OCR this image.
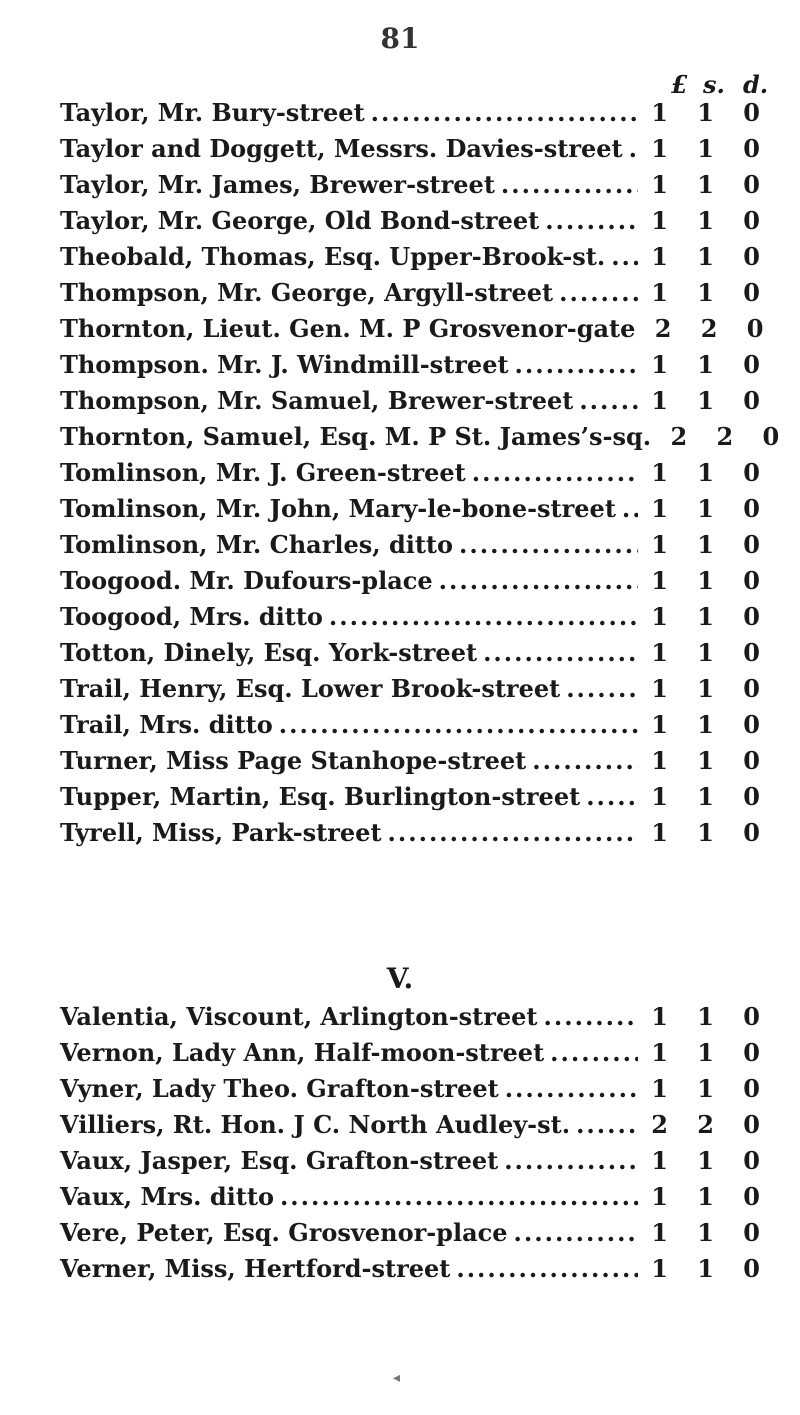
81
£ s. d.
Taylor, Mr. Bury-street .....	1	1	0
Taylor and Doggett, Messrs. Davies-street .....	1	1	0
Taylor, Mr. James, Brewer-street .....	1	1	0
Taylor, Mr. George, Old Bond-street .....	1	1	0
Theobald, Thomas, Esq. Upper-Brook-st. .....	1	1	0
Thompson, Mr. George, Argyll-street .....	1	1	0
Thornton, Lieut. Gen. M. P Grosvenor-gate ..... 2	2	0
Thompson. Mr. J. Windmill-street .....	1	1	0
Thompson, Mr. Samuel, Brewer-street .....	1	1	0
Thornton, Samuel, Esq. M. P St. James’s-sq. ..... 2	2	0
Tomlinson, Mr. J. Green-street .....	1	1	0
Tomlinson, Mr. John, Mary-le-bone-street .....	1	1	0
Tomlinson, Mr. Charles, ditto .....	1	1	0
Toogood. Mr. Dufours-place .....	1	1	0
Toogood, Mrs. ditto .....	1	1	0
Totton, Dinely, Esq. York-street .....	1	1	0
Trail, Henry, Esq. Lower Brook-street .....	1	1	0
Trail, Mrs. ditto .....	1	1	0
Turner, Miss Page Stanhope-street .....	1	1	0
Tupper, Martin, Esq. Burlington-street .....	1	1	0
Tyrell, Miss, Park-street .....	1	1	0
V.
Valentia, Viscount, Arlington-street .....	1	1	0
Vernon, Lady Ann, Half-moon-street .....	1	1	0
Vyner, Lady Theo. Grafton-street .....	1	1	0
Villiers, Rt. Hon. J C. North Audley-st. .....	2	2	0
Vaux, Jasper, Esq. Grafton-street .....	1	1	0
Vaux, Mrs. ditto .....	1	1	0
Vere, Peter, Esq. Grosvenor-place .....	1	1	0
Verner, Miss, Hertford-street .....	1	1	0
◂
